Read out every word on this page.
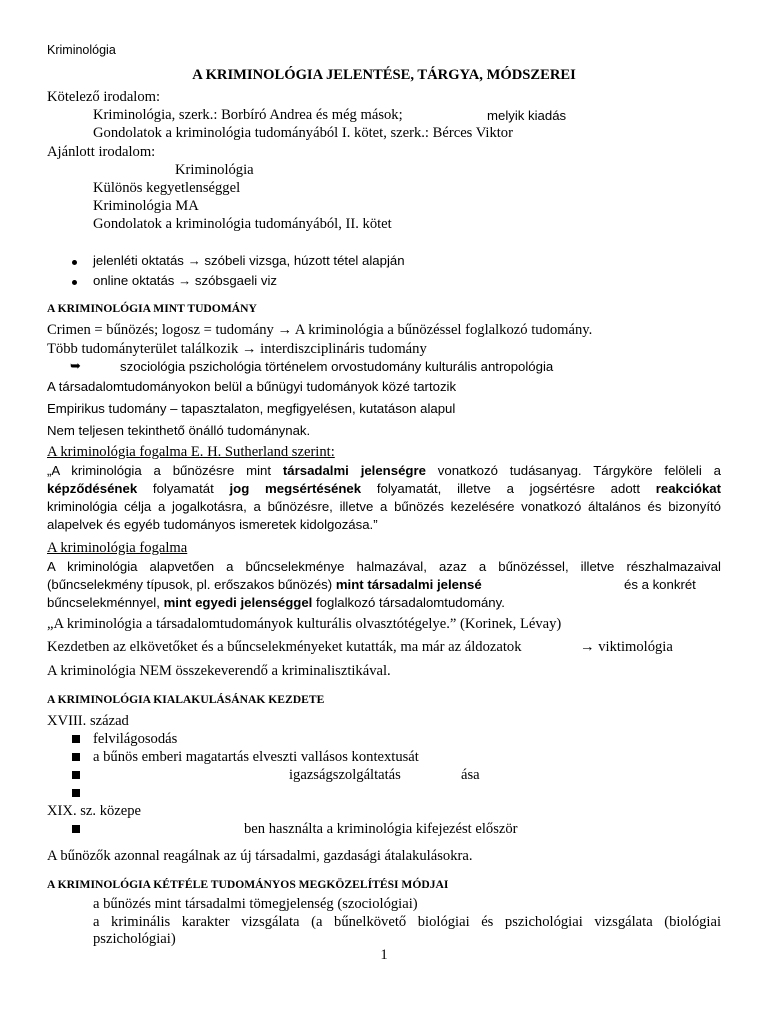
Kriminológia
A KRIMINOLÓGIA JELENTÉSE, TÁRGYA, MÓDSZEREI
Kötelező irodalom:
Kriminológia, szerk.: Borbíró Andrea és még mások;	melyik kiadás
Gondolatok a kriminológia tudományából I. kötet, szerk.: Bérces Viktor
Ajánlott irodalom:
Kriminológia
Különös kegyetlenséggel
Kriminológia MA
Gondolatok a kriminológia tudományából, II. kötet
jelenléti oktatás → szóbeli vizsga, húzott tétel alapján
online oktatás → szóbsgaeli viz
A KRIMINOLÓGIA MINT TUDOMÁNY
Crimen = bűnözés; logosz = tudomány → A kriminológia a bűnözéssel foglalkozó tudomány.
Több tudományterület találkozik → interdiszciplináris tudomány
➥	szociológia pszichológia történelem orvostudomány kulturális antropológia
A társadalomtudományokon belül a bűnügyi tudományok közé tartozik
Empirikus tudomány – tapasztalaton, megfigyelésen, kutatáson alapul
Nem teljesen tekinthető önálló tudománynak.
A kriminológia fogalma E. H. Sutherland szerint:
„A kriminológia a bűnözésre mint társadalmi jelenségre vonatkozó tudásanyag. Tárgyköre felöleli a
képződésének folyamatát jog megsértésének folyamatát, illetve a jogsértésre adott reakciókat
kriminológia célja a jogalkotásra, a bűnözésre, illetve a bűnözés kezelésére vonatkozó általános és bizonyító
alapelvek és egyéb tudományos ismeretek kidolgozása.”
A kriminológia fogalma
A kriminológia alapvetően a bűncselekménye halmazával, azaz a bűnözéssel, illetve részhalmazaival
(bűncselekmény típusok, pl. erőszakos bűnözés) mint társadalmi jelensé	és a konkrét
bűncselekménnyel, mint egyedi jelenséggel foglalkozó társadalomtudomány.
„A kriminológia a társadalomtudományok kulturális olvasztótégelye.” (Korinek, Lévay)
Kezdetben az elkövetőket és a bűncselekményeket kutatták, ma már az áldozatok	→ viktimológia
A kriminológia NEM összekeverendő a kriminalisztikával.
A KRIMINOLÓGIA KIALAKULÁSÁNAK KEZDETE
XVIII. század
felvilágosodás
a bűnös emberi magatartás elveszti vallásos kontextusát
igazságszolgáltatás	ása
XIX. sz. közepe
ben használta a kriminológia kifejezést először
A bűnözők azonnal reagálnak az új társadalmi, gazdasági átalakulásokra.
A KRIMINOLÓGIA KÉTFÉLE TUDOMÁNYOS MEGKÖZELÍTÉSI MÓDJAI
a bűnözés mint társadalmi tömegjelenség (szociológiai)
a kriminális karakter vizsgálata (a bűnelkövető biológiai és pszichológiai vizsgálata (biológiai
pszichológiai)
1
